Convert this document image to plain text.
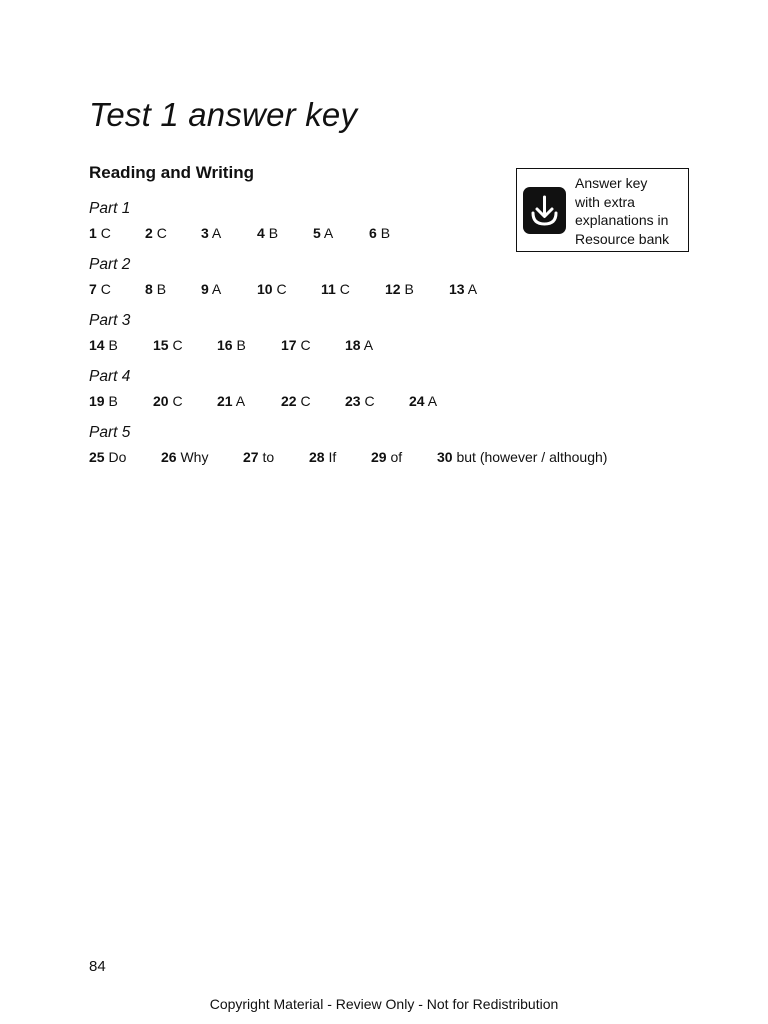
Test 1 answer key
Reading and Writing
Answer key
with extra
explanations in
Resource bank
Part 1
1 C 2 C 3 A	4 B 5 A	6 B
Part 2
7 C 8 B 9 A	10 C 11 C	12 B	13 A
Part 3
14 B	15 C 16 B	17 C 18 A
Part 4
19 B	20 C 21 A	22 C 23 C 24 A
Part 5
25 Do 26 Why 27 to 28 If 29 of 30 but (however / although)
84
Copyright Material - Review Only - Not for Redistribution
